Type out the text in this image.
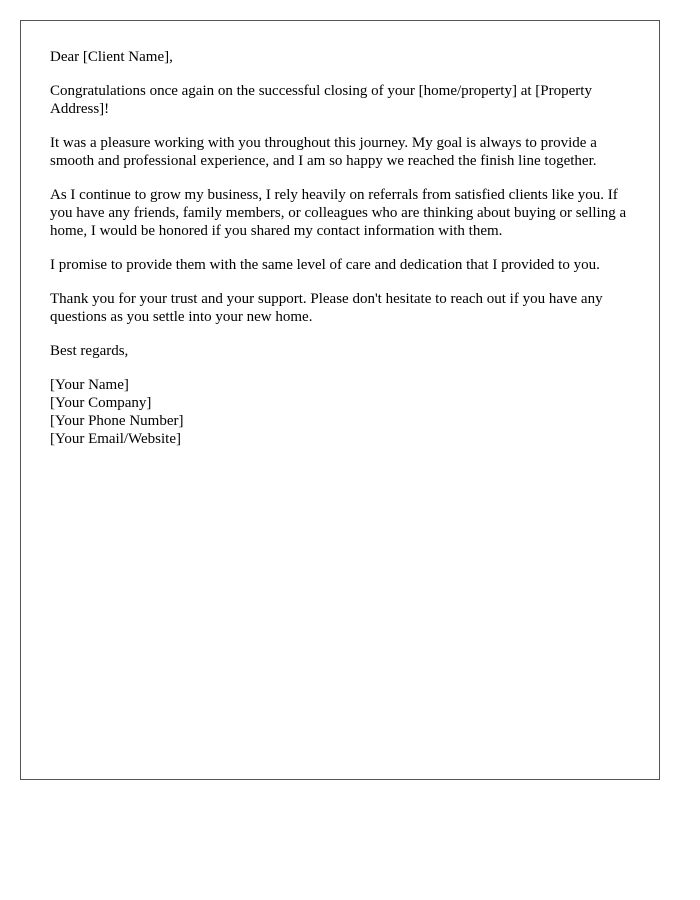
Dear [Client Name],

Congratulations once again on the successful closing of your [home/property] at [Property Address]!

It was a pleasure working with you throughout this journey. My goal is always to provide a smooth and professional experience, and I am so happy we reached the finish line together.

As I continue to grow my business, I rely heavily on referrals from satisfied clients like you. If you have any friends, family members, or colleagues who are thinking about buying or selling a home, I would be honored if you shared my contact information with them.

I promise to provide them with the same level of care and dedication that I provided to you.

Thank you for your trust and your support. Please don't hesitate to reach out if you have any questions as you settle into your new home.

Best regards,

[Your Name]
[Your Company]
[Your Phone Number]
[Your Email/Website]
